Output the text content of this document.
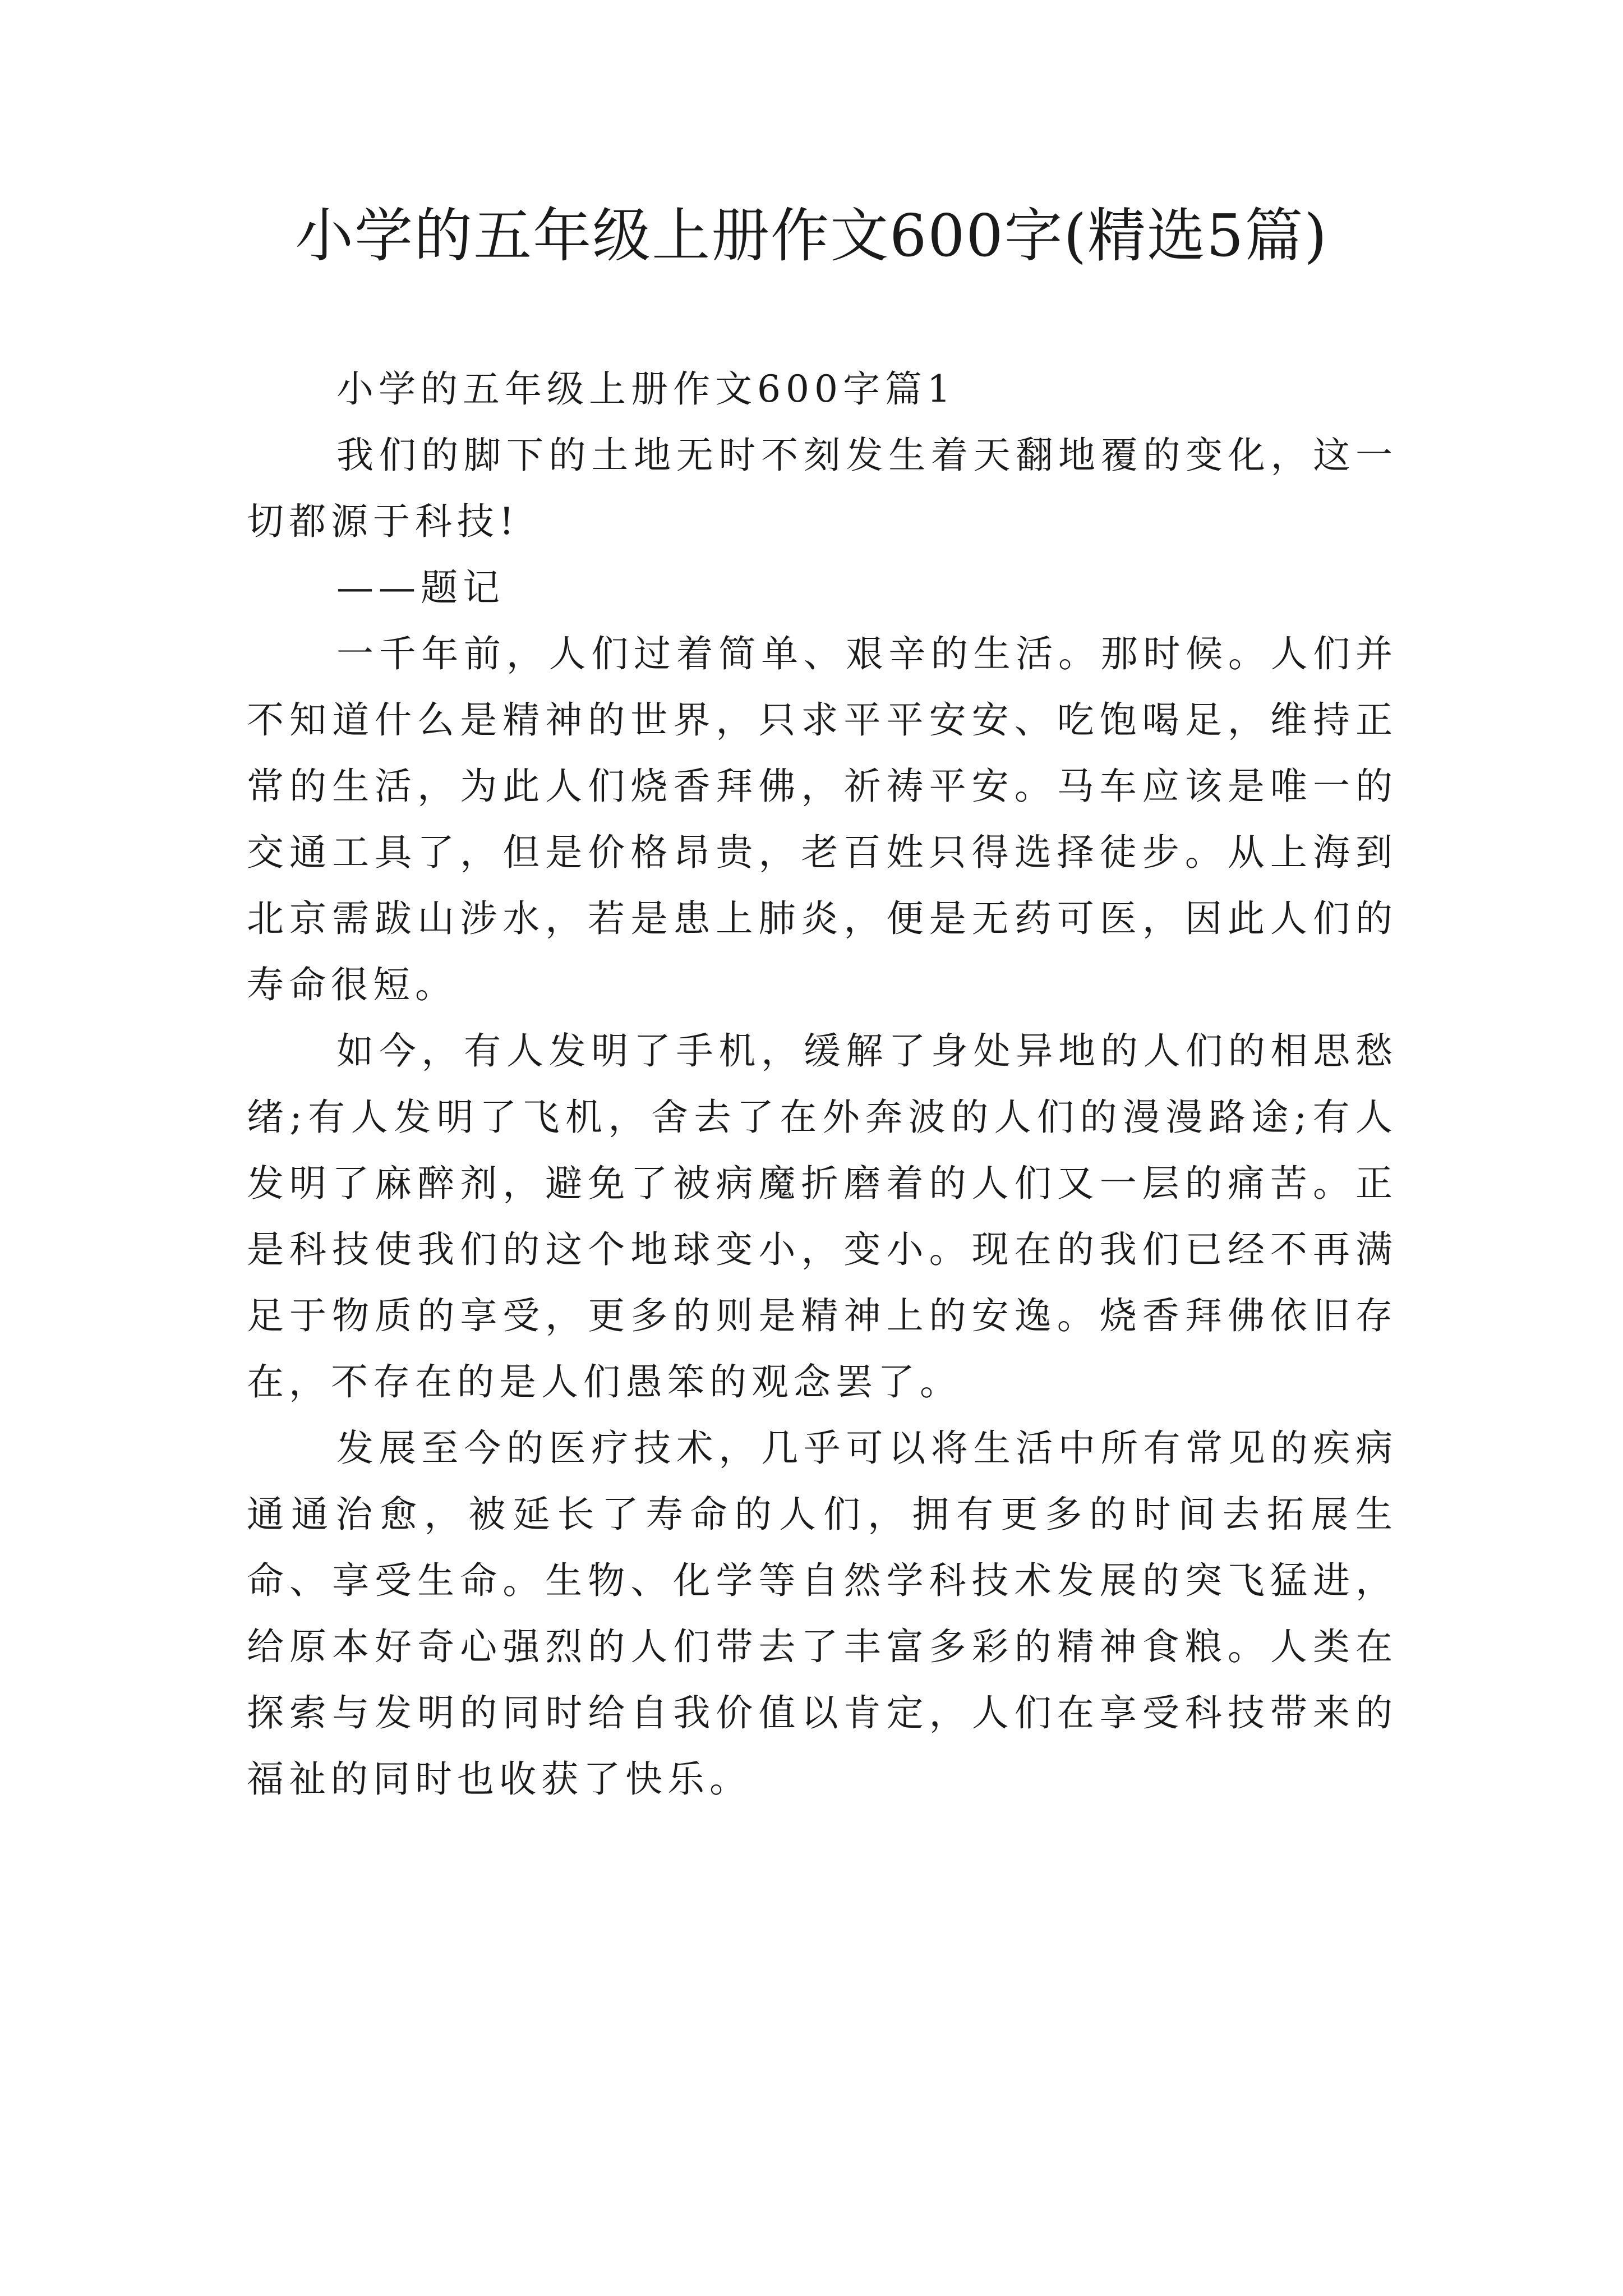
小学的五年级上册作文600字(精选5篇)

小学的五年级上册作文600字篇1

我们的脚下的土地无时不刻发生着天翻地覆的变化，这一切都源于科技!

——题记

一千年前，人们过着简单、艰辛的生活。那时候。人们并不知道什么是精神的世界，只求平平安安、吃饱喝足，维持正常的生活，为此人们烧香拜佛，祈祷平安。马车应该是唯一的交通工具了，但是价格昂贵，老百姓只得选择徒步。从上海到北京需跋山涉水，若是患上肺炎，便是无药可医，因此人们的寿命很短。

如今，有人发明了手机，缓解了身处异地的人们的相思愁绪;有人发明了飞机，舍去了在外奔波的人们的漫漫路途;有人发明了麻醉剂，避免了被病魔折磨着的人们又一层的痛苦。正是科技使我们的这个地球变小，变小。现在的我们已经不再满足于物质的享受，更多的则是精神上的安逸。烧香拜佛依旧存在，不存在的是人们愚笨的观念罢了。

发展至今的医疗技术，几乎可以将生活中所有常见的疾病通通治愈，被延长了寿命的人们，拥有更多的时间去拓展生命、享受生命。生物、化学等自然学科技术发展的突飞猛进，给原本好奇心强烈的人们带去了丰富多彩的精神食粮。人类在探索与发明的同时给自我价值以肯定，人们在享受科技带来的福祉的同时也收获了快乐。
